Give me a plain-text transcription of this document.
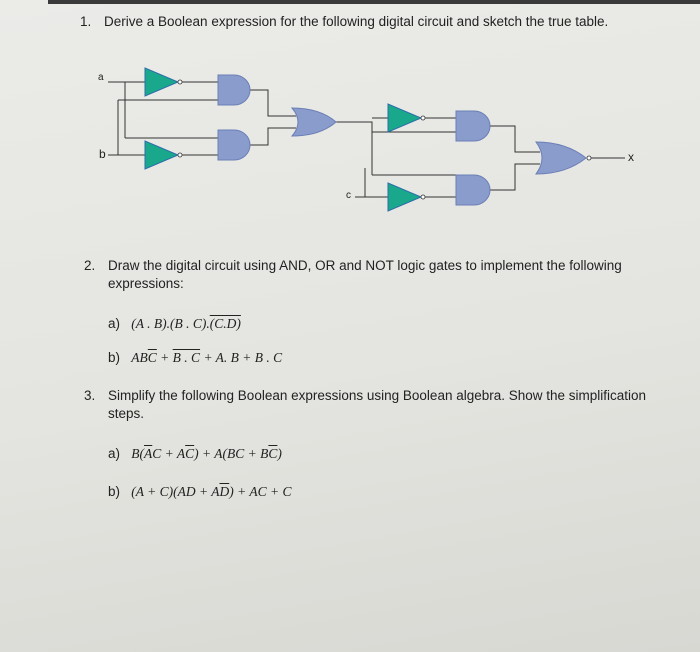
1. Derive a Boolean expression for the following digital circuit and sketch the true table.
a
b
c
x
2. Draw the digital circuit using AND, OR and NOT logic gates to implement the following
expressions:
a) (A . B).(B . C).(C.D)
b) $AB\overline{C} + B$ . C + A. B + B . C
3. Simplify the following Boolean expressions using Boolean algebra. Show the simplification
steps.
a) $B(\overline{A}C + A\overline{C}) + A(BC + B\overline{C})$
b) $(A + C)(AD + A\overline{D})$ + AC + C
